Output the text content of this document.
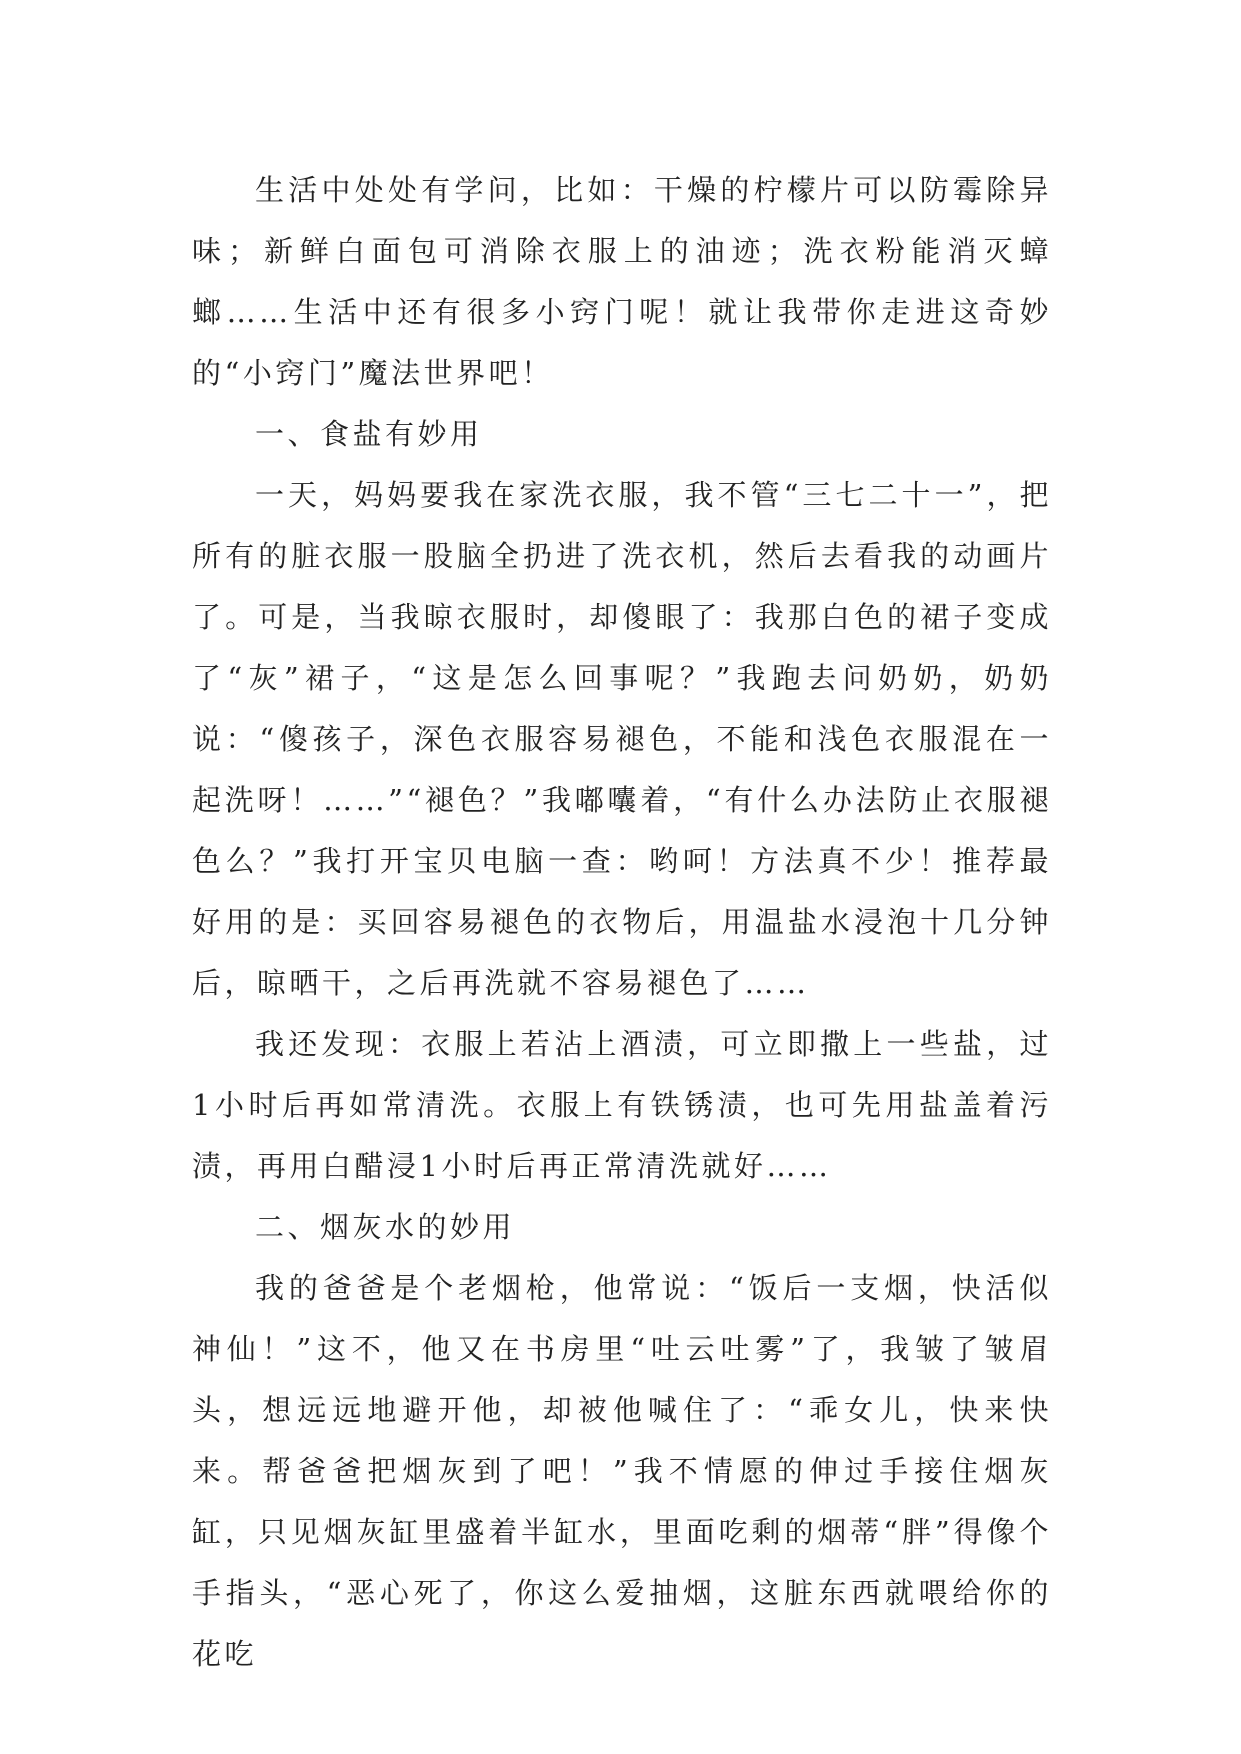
生活中处处有学问，比如：干燥的柠檬片可以防霉除异味；新鲜白面包可消除衣服上的油迹；洗衣粉能消灭蟑螂……生活中还有很多小窍门呢！就让我带你走进这奇妙的“小窍门”魔法世界吧！

一、食盐有妙用

一天，妈妈要我在家洗衣服，我不管“三七二十一”，把所有的脏衣服一股脑全扔进了洗衣机，然后去看我的动画片了。可是，当我晾衣服时，却傻眼了：我那白色的裙子变成了“灰”裙子，“这是怎么回事呢？”我跑去问奶奶，奶奶说：“傻孩子，深色衣服容易褪色，不能和浅色衣服混在一起洗呀！……”“褪色？”我嘟囔着，“有什么办法防止衣服褪色么？”我打开宝贝电脑一查：哟呵！方法真不少！推荐最好用的是：买回容易褪色的衣物后，用温盐水浸泡十几分钟后，晾晒干，之后再洗就不容易褪色了……

我还发现：衣服上若沾上酒渍，可立即撒上一些盐，过1小时后再如常清洗。衣服上有铁锈渍，也可先用盐盖着污渍，再用白醋浸1小时后再正常清洗就好……

二、烟灰水的妙用

我的爸爸是个老烟枪，他常说：“饭后一支烟，快活似神仙！”这不，他又在书房里“吐云吐雾”了，我皱了皱眉头，想远远地避开他，却被他喊住了：“乖女儿，快来快来。帮爸爸把烟灰到了吧！”我不情愿的伸过手接住烟灰缸，只见烟灰缸里盛着半缸水，里面吃剩的烟蒂“胖”得像个手指头，“恶心死了，你这么爱抽烟，这脏东西就喂给你的花吃
